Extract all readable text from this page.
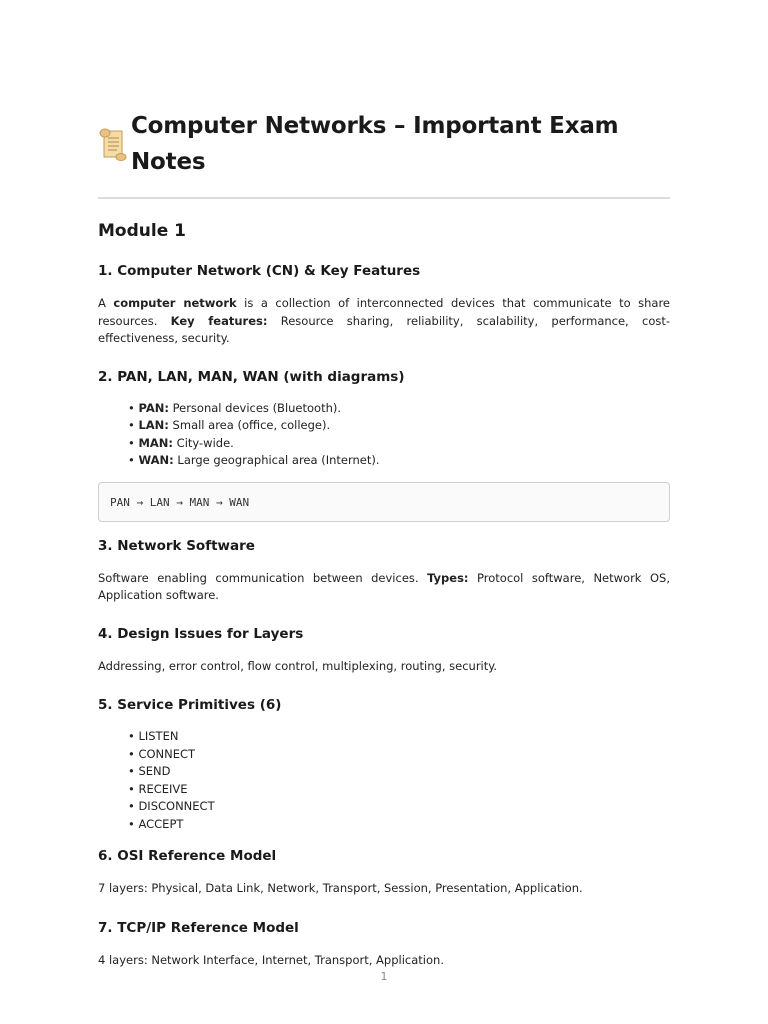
Computer Networks – Important Exam Notes
Module 1
1. Computer Network (CN) & Key Features

A computer network is a collection of interconnected devices that communicate to share resources. Key features: Resource sharing, reliability, scalability, performance, cost-effectiveness, security.

2. PAN, LAN, MAN, WAN (with diagrams)
• PAN: Personal devices (Bluetooth).
• LAN: Small area (office, college).
• MAN: City-wide.
• WAN: Large geographical area (Internet).
PAN → LAN → MAN → WAN
3. Network Software

Software enabling communication between devices. Types: Protocol software, Network OS, Application software.

4. Design Issues for Layers

Addressing, error control, flow control, multiplexing, routing, security.

5. Service Primitives (6)
• LISTEN
• CONNECT
• SEND
• RECEIVE
• DISCONNECT
• ACCEPT
6. OSI Reference Model

7 layers: Physical, Data Link, Network, Transport, Session, Presentation, Application.

7. TCP/IP Reference Model

4 layers: Network Interface, Internet, Transport, Application.

1
